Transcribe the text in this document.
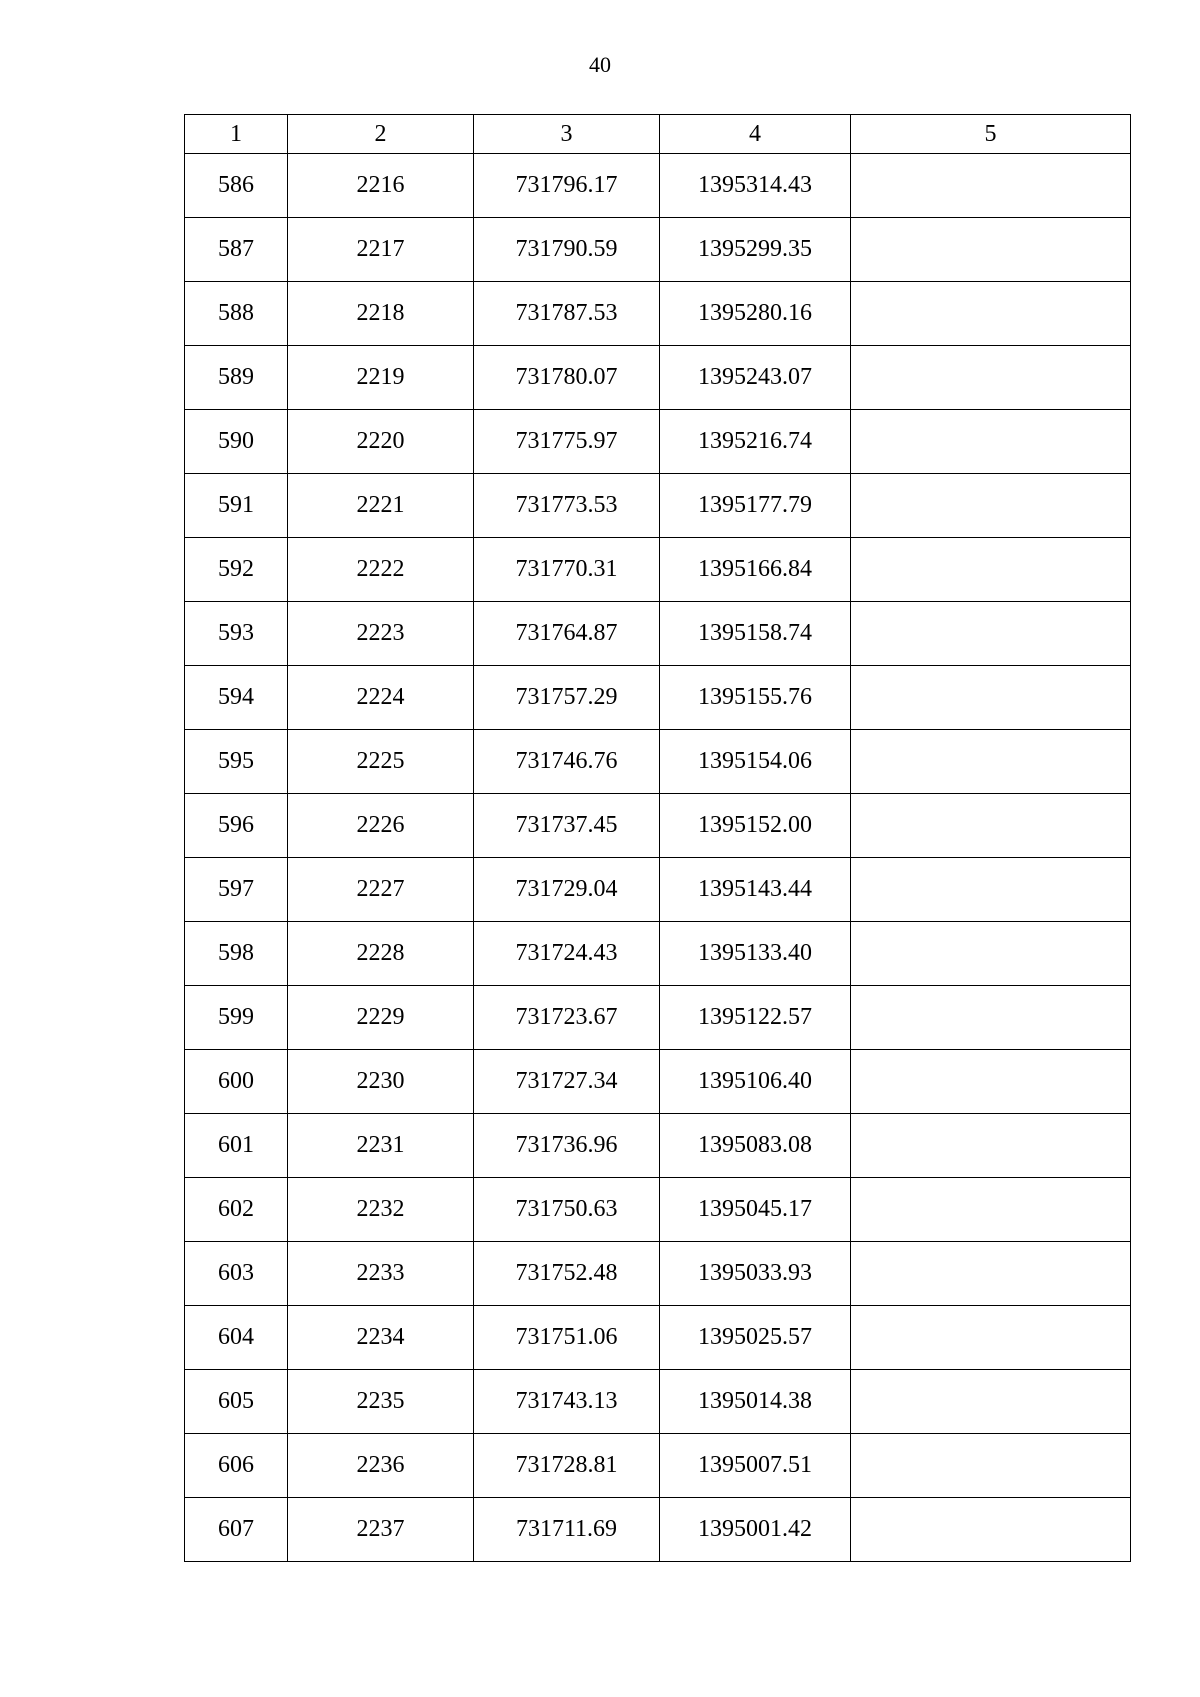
40
1	2	3	4	5
586	2216	731796.17	1395314.43	
587	2217	731790.59	1395299.35	
588	2218	731787.53	1395280.16	
589	2219	731780.07	1395243.07	
590	2220	731775.97	1395216.74	
591	2221	731773.53	1395177.79	
592	2222	731770.31	1395166.84	
593	2223	731764.87	1395158.74	
594	2224	731757.29	1395155.76	
595	2225	731746.76	1395154.06	
596	2226	731737.45	1395152.00	
597	2227	731729.04	1395143.44	
598	2228	731724.43	1395133.40	
599	2229	731723.67	1395122.57	
600	2230	731727.34	1395106.40	
601	2231	731736.96	1395083.08	
602	2232	731750.63	1395045.17	
603	2233	731752.48	1395033.93	
604	2234	731751.06	1395025.57	
605	2235	731743.13	1395014.38	
606	2236	731728.81	1395007.51	
607	2237	731711.69	1395001.42	
